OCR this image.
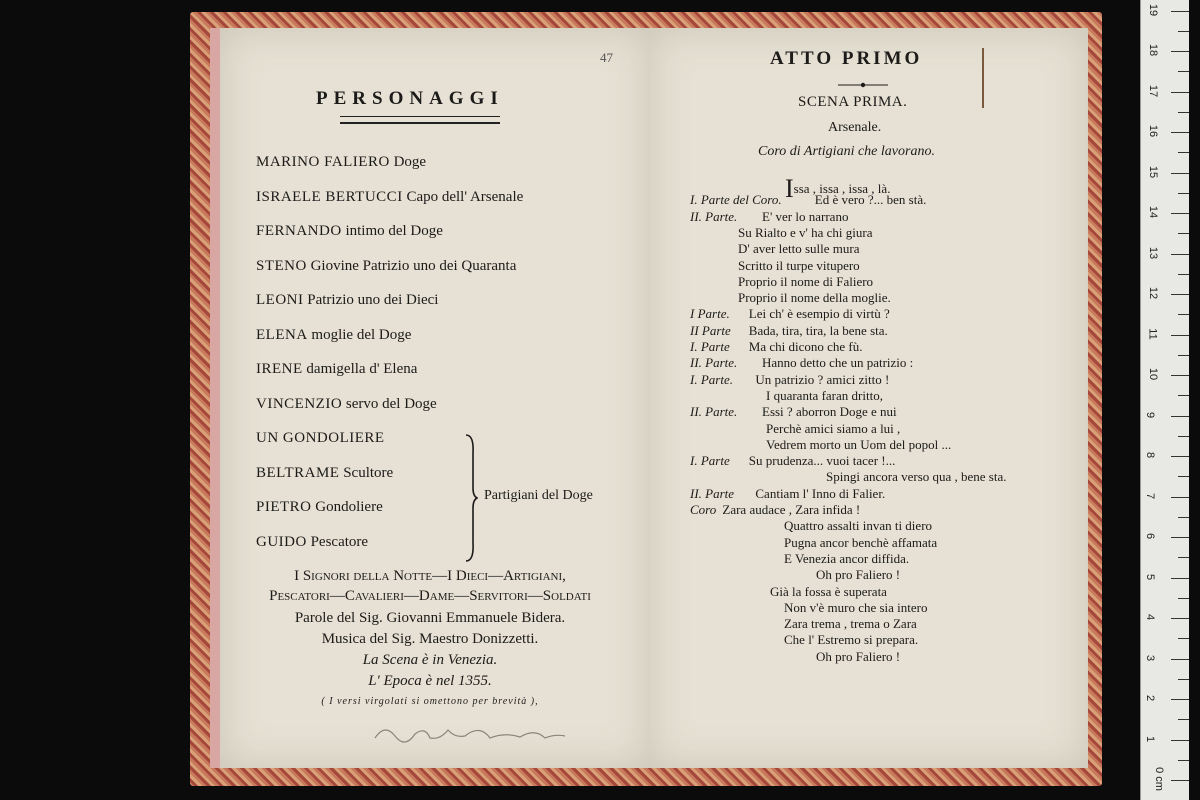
47
PERSONAGGI
MARINO FALIERO Doge
ISRAELE BERTUCCI Capo dell' Arsenale
FERNANDO intimo del Doge
STENO Giovine Patrizio uno dei Quaranta
LEONI Patrizio uno dei Dieci
ELENA moglie del Doge
IRENE damigella d' Elena
VINCENZIO servo del Doge
UN GONDOLIERE
BELTRAME Scultore
PIETRO Gondoliere
GUIDO Pescatore
Partigiani del Doge
I Signori della Notte—I Dieci—Artigiani,
Pescatori—Cavalieri—Dame—Servitori—Soldati
Parole del Sig. Giovanni Emmanuele Bidera.
Musica del Sig. Maestro Donizzetti.
La Scena è in Venezia.
L' Epoca è nel 1355.
( I versi virgolati si omettono per brevità ),
ATTO PRIMO
SCENA PRIMA.
Arsenale.
Coro di Artigiani che lavorano.
Issa , issa , issa , là.
I. Parte del Coro.	Ed è vero ?... ben stà.
II. Parte. E' ver lo narrano
Su Rialto e v' ha chi giura
D' aver letto sulle mura
Scritto il turpe vitupero
Proprio il nome di Faliero
Proprio il nome della moglie.
I Parte. Lei ch' è esempio di virtù ?
II Parte Bada, tira, tira, la bene sta.
I. Parte Ma chi dicono che fù.
II. Parte. Hanno detto che un patrizio :
I. Parte. Un patrizio ? amici zitto !
I quaranta faran dritto,
II. Parte. Essi ? aborron Doge e nui
Perchè amici siamo a lui ,
Vedrem morto un Uom del popol ...
I. Parte Su prudenza... vuoi tacer !...
Spingi ancora verso qua , bene sta.
II. Parte Cantiam l' Inno di Falier.
Coro Zara audace , Zara infida !
Quattro assalti invan ti diero
Pugna ancor benchè affamata
E Venezia ancor diffida.
Oh pro Faliero !
Già la fossa è superata
Non v'è muro che sia intero
Zara trema , trema o Zara
Che l' Estremo si prepara.
Oh pro Faliero !
0 cm
1
2
3
4
5
6
7
8
9
10
11
12
13
14
15
16
17
18
19
